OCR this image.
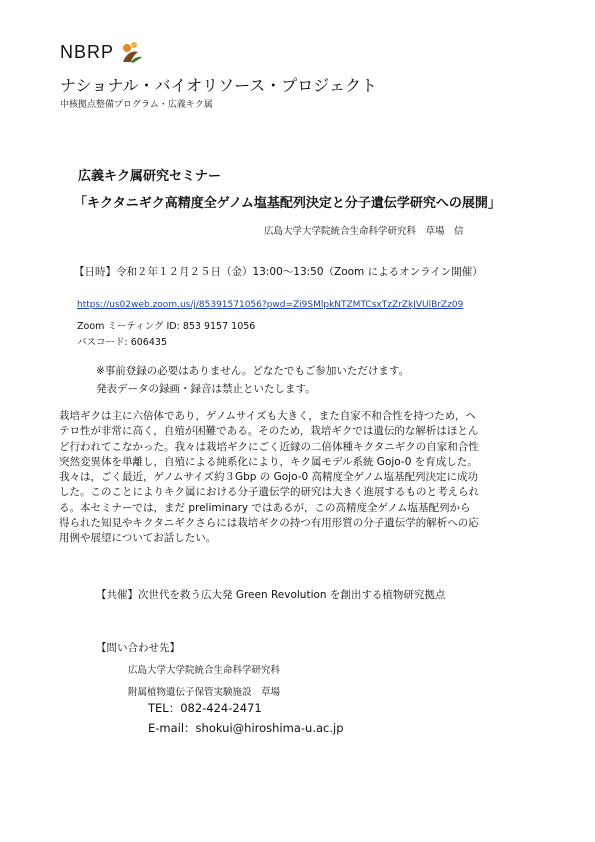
NBRP
ナショナル・バイオリソース・プロジェクト
中核拠点整備プログラム・広義キク属
広義キク属研究セミナー
「キクタニギク高精度全ゲノム塩基配列決定と分子遺伝学研究への展開」
広島大学大学院統合生命科学研究科　草場　信
【日時】令和２年１２月２５日（金）13:00～13:50（Zoom によるオンライン開催）
https://us02web.zoom.us/j/85391571056?pwd=Zi9SMlpkNTZMTCsxTzZrZkJVUlBrZz09
Zoom ミーティング ID: 853 9157 1056
パスコード: 606435
※事前登録の必要はありません。どなたでもご参加いただけます。
発表データの録画・録音は禁止といたします。
栽培ギクは主に六倍体であり，ゲノムサイズも大きく，また自家不和合性を持つため，ヘ
テロ性が非常に高く，自殖が困難である。そのため，栽培ギクでは遺伝的な解析はほとん
ど行われてこなかった。我々は栽培ギクにごく近縁の二倍体種キクタニギクの自家和合性
突然変異体を単離し，自殖による純系化により，キク属モデル系統 Gojo-0 を育成した。
我々は，ごく最近，ゲノムサイズ約３Gbp の Gojo-0 高精度全ゲノム塩基配列決定に成功
した。このことによりキク属における分子遺伝学的研究は大きく進展するものと考えられ
る。本セミナーでは，まだ preliminary ではあるが，この高精度全ゲノム塩基配列から
得られた知見やキクタニギクさらには栽培ギクの持つ有用形質の分子遺伝学的解析への応
用例や展望についてお話したい。
【共催】次世代を救う広大発 Green Revolution を創出する植物研究拠点
【問い合わせ先】
広島大学大学院統合生命科学研究科
附属植物遺伝子保管実験施設　草場
TEL：082-424-2471
E-mail：shokui@hiroshima-u.ac.jp
